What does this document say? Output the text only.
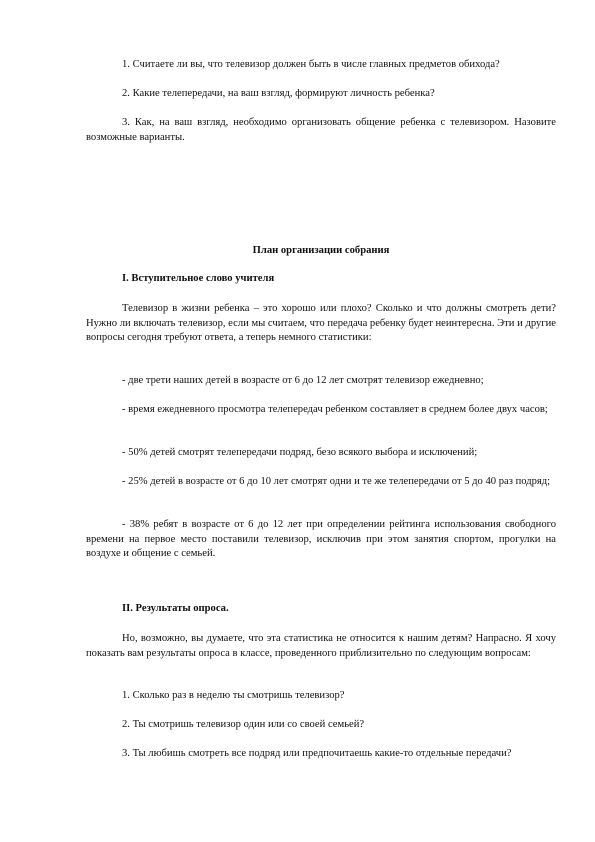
1. Считаете ли вы, что телевизор должен быть в числе главных предметов обихода?

2. Какие телепередачи, на ваш взгляд, формируют личность ребенка?

3. Как, на ваш взгляд, необходимо организовать общение ребенка с телевизором. Назовите возможные варианты.

План организации собрания

I. Вступительное слово учителя

Телевизор в жизни ребенка – это хорошо или плохо? Сколько и что должны смотреть дети? Нужно ли включать телевизор, если мы считаем, что передача ребенку будет неинтересна. Эти и другие вопросы сегодня требуют ответа, а теперь немного статистики:

- две трети наших детей в возрасте от 6 до 12 лет смотрят телевизор ежедневно;

- время ежедневного просмотра телепередач ребенком составляет в среднем более двух часов;

- 50% детей смотрят телепередачи подряд, безо всякого выбора и исключений;

- 25% детей в возрасте от 6 до 10 лет смотрят одни и те же телепередачи от 5 до 40 раз подряд;

- 38% ребят в возрасте от 6 до 12 лет при определении рейтинга использования свободного времени на первое место поставили телевизор, исключив при этом занятия спортом, прогулки на воздухе и общение с семьей.

II. Результаты опроса.

Но, возможно, вы думаете, что эта статистика не относится к нашим детям? Напрасно. Я хочу показать вам результаты опроса в классе, проведенного приблизительно по следующим вопросам:

1. Сколько раз в неделю ты смотришь телевизор?

2. Ты смотришь телевизор один или со своей семьей?

3. Ты любишь смотреть все подряд или предпочитаешь какие-то отдельные передачи?
